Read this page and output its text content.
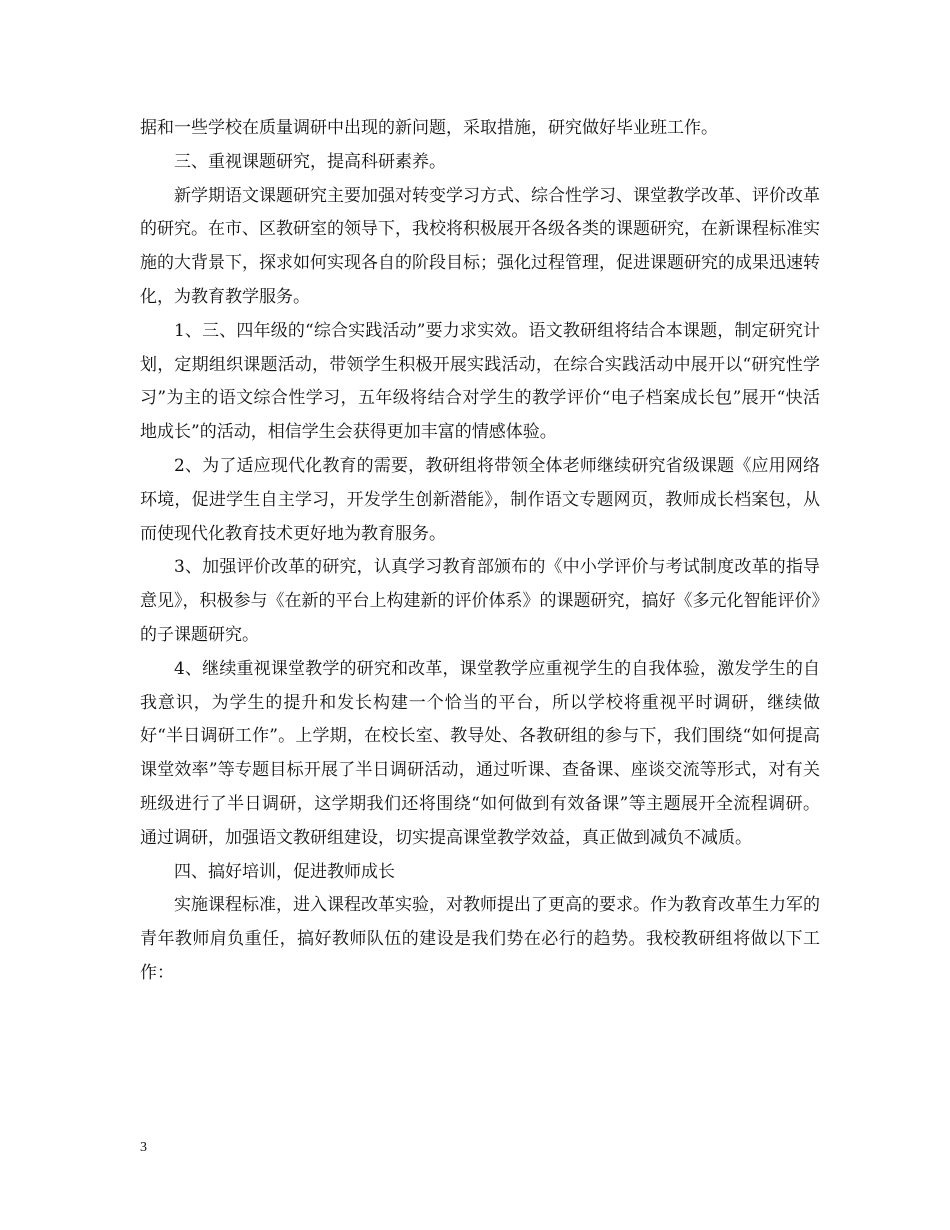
据和一些学校在质量调研中出现的新问题，采取措施，研究做好毕业班工作。

三、重视课题研究，提高科研素养。

新学期语文课题研究主要加强对转变学习方式、综合性学习、课堂教学改革、评价改革的研究。在市、区教研室的领导下，我校将积极展开各级各类的课题研究，在新课程标准实施的大背景下，探求如何实现各自的阶段目标；强化过程管理，促进课题研究的成果迅速转化，为教育教学服务。

1、三、四年级的“综合实践活动”要力求实效。语文教研组将结合本课题，制定研究计划，定期组织课题活动，带领学生积极开展实践活动，在综合实践活动中展开以“研究性学习”为主的语文综合性学习，五年级将结合对学生的教学评价“电子档案成长包”展开“快活地成长”的活动，相信学生会获得更加丰富的情感体验。

2、为了适应现代化教育的需要，教研组将带领全体老师继续研究省级课题《应用网络环境，促进学生自主学习，开发学生创新潜能》，制作语文专题网页，教师成长档案包，从而使现代化教育技术更好地为教育服务。

3、加强评价改革的研究，认真学习教育部颁布的《中小学评价与考试制度改革的指导意见》，积极参与《在新的平台上构建新的评价体系》的课题研究，搞好《多元化智能评价》的子课题研究。

4、继续重视课堂教学的研究和改革，课堂教学应重视学生的自我体验，激发学生的自我意识，为学生的提升和发长构建一个恰当的平台，所以学校将重视平时调研，继续做好“半日调研工作”。上学期，在校长室、教导处、各教研组的参与下，我们围绕“如何提高课堂效率”等专题目标开展了半日调研活动，通过听课、查备课、座谈交流等形式，对有关班级进行了半日调研，这学期我们还将围绕“如何做到有效备课”等主题展开全流程调研。通过调研，加强语文教研组建设，切实提高课堂教学效益，真正做到减负不减质。

四、搞好培训，促进教师成长

实施课程标准，进入课程改革实验，对教师提出了更高的要求。作为教育改革生力军的青年教师肩负重任，搞好教师队伍的建设是我们势在必行的趋势。我校教研组将做以下工作：

3
